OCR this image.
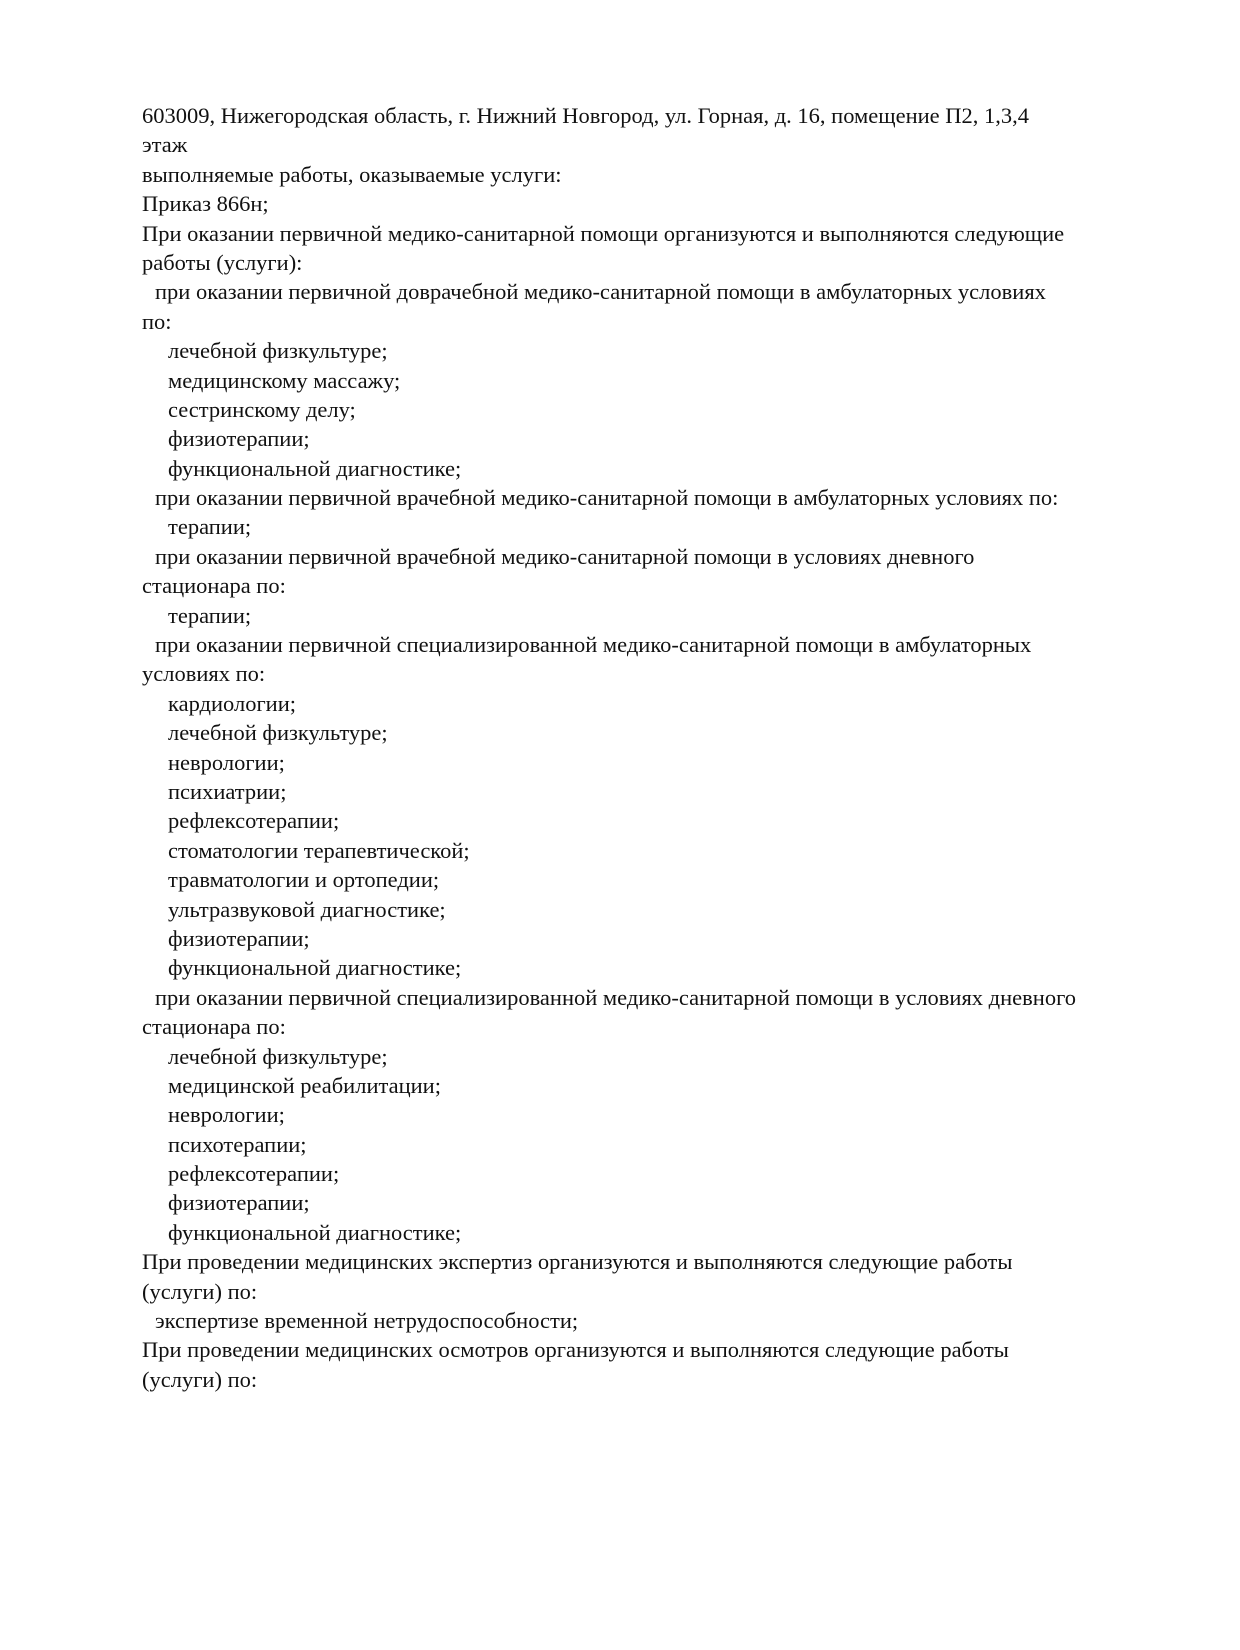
603009, Нижегородская область, г. Нижний Новгород, ул. Горная, д. 16, помещение П2, 1,3,4
этаж
выполняемые работы, оказываемые услуги:
Приказ 866н;
При оказании первичной медико-санитарной помощи организуются и выполняются следующие
работы (услуги):
при оказании первичной доврачебной медико-санитарной помощи в амбулаторных условиях
по:
лечебной физкультуре;
медицинскому массажу;
сестринскому делу;
физиотерапии;
функциональной диагностике;
при оказании первичной врачебной медико-санитарной помощи в амбулаторных условиях по:
терапии;
при оказании первичной врачебной медико-санитарной помощи в условиях дневного
стационара по:
терапии;
при оказании первичной специализированной медико-санитарной помощи в амбулаторных
условиях по:
кардиологии;
лечебной физкультуре;
неврологии;
психиатрии;
рефлексотерапии;
стоматологии терапевтической;
травматологии и ортопедии;
ультразвуковой диагностике;
физиотерапии;
функциональной диагностике;
при оказании первичной специализированной медико-санитарной помощи в условиях дневного
стационара по:
лечебной физкультуре;
медицинской реабилитации;
неврологии;
психотерапии;
рефлексотерапии;
физиотерапии;
функциональной диагностике;
При проведении медицинских экспертиз организуются и выполняются следующие работы
(услуги) по:
экспертизе временной нетрудоспособности;
При проведении медицинских осмотров организуются и выполняются следующие работы
(услуги) по:
